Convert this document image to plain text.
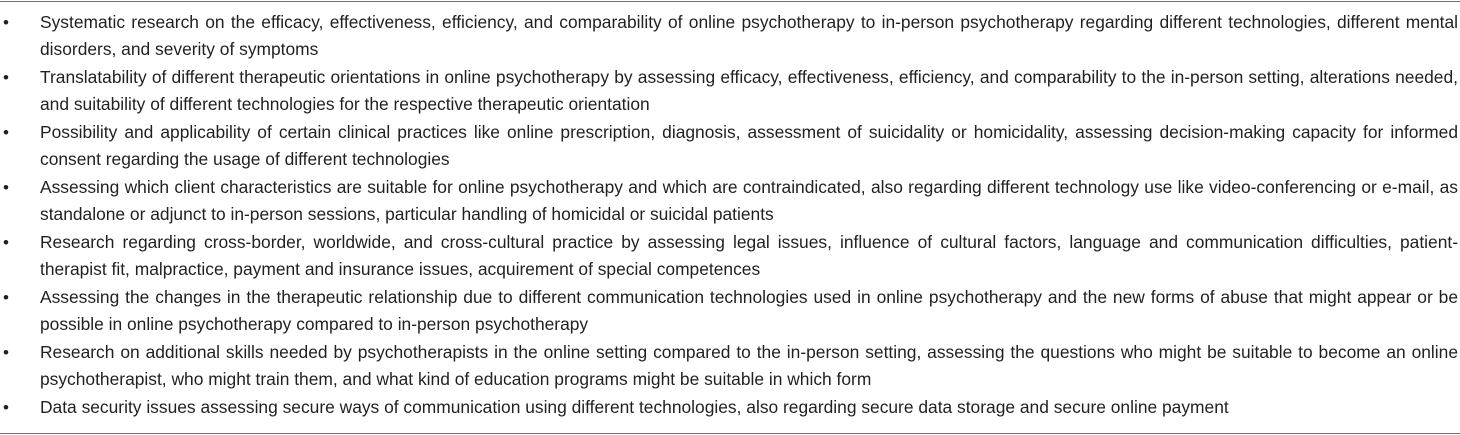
• Systematic research on the efficacy, effectiveness, efficiency, and comparability of online psychotherapy to in-person psychotherapy regarding different technologies, different mental disorders, and severity of symptoms
• Translatability of different therapeutic orientations in online psychotherapy by assessing efficacy, effectiveness, efficiency, and comparability to the in-person setting, alterations needed, and suitability of different technologies for the respective therapeutic orientation
• Possibility and applicability of certain clinical practices like online prescription, diagnosis, assessment of suicidality or homicidality, assessing decision-making capacity for informed consent regarding the usage of different technologies
• Assessing which client characteristics are suitable for online psychotherapy and which are contraindicated, also regarding different technology use like video-conferencing or e-mail, as standalone or adjunct to in-person sessions, particular handling of homicidal or suicidal patients
• Research regarding cross-border, worldwide, and cross-cultural practice by assessing legal issues, influence of cultural factors, language and communication difficulties, patient-therapist fit, malpractice, payment and insurance issues, acquirement of special competences
• Assessing the changes in the therapeutic relationship due to different communication technologies used in online psychotherapy and the new forms of abuse that might appear or be possible in online psychotherapy compared to in-person psychotherapy
• Research on additional skills needed by psychotherapists in the online setting compared to the in-person setting, assessing the questions who might be suitable to become an online psychotherapist, who might train them, and what kind of education programs might be suitable in which form
• Data security issues assessing secure ways of communication using different technologies, also regarding secure data storage and secure online payment
